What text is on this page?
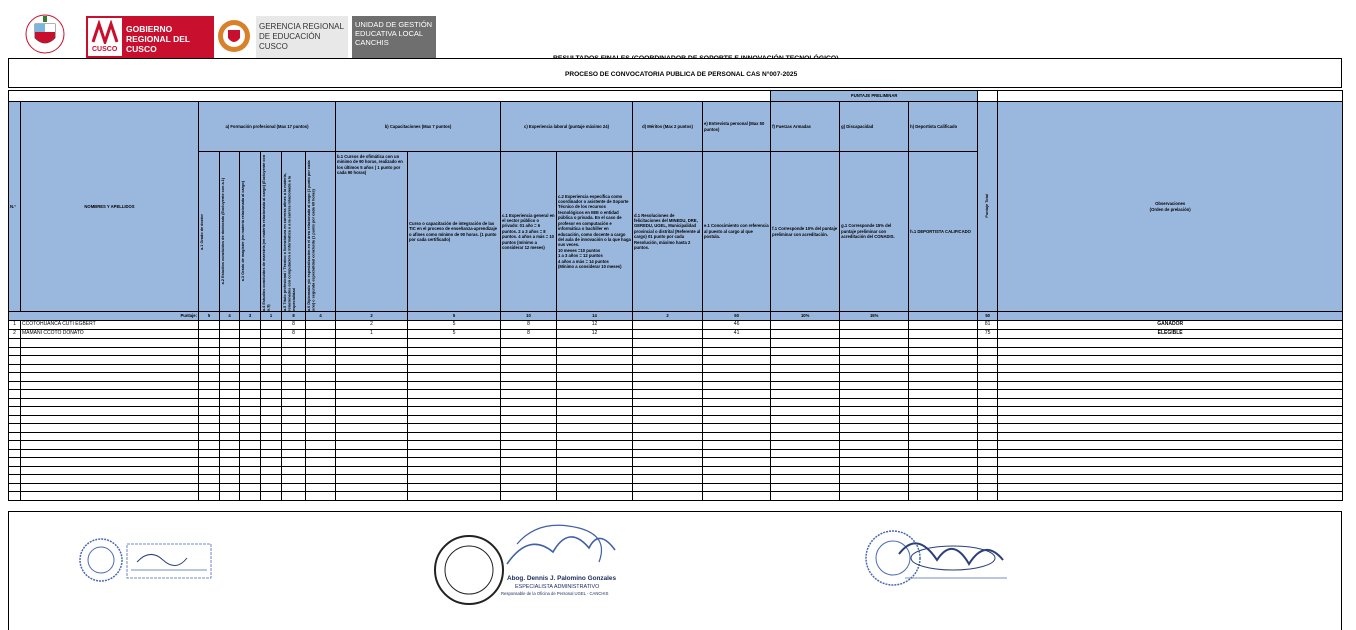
GOBIERNO REGIONAL DEL CUSCO
CUSCO
GERENCIA REGIONAL DE EDUCACIÓN CUSCO
UNIDAD DE GESTIÓN EDUCATIVA LOCAL CANCHIS
PROCESO DE CONVOCATORIA PUBLICA DE PERSONAL CAS N°007-2025
														PUNTAJE PRELIMINAR				
N.°	NOMBRES Y APELLIDOS	a) Formación profesional (Max 17 puntos)						b) Capacitaciones (Max 7 puntos)		c) Experiencia laboral (puntaje máximo 24)		d) Méritos (Max 2 puntos)	e) Entrevista personal (Max 50 puntos)	f) Fuerzas Armadas	g) Discapacidad	h) Deportista Calificado	Puntaje Total	Observaciones
(Orden de prelación)

		a.1 Grado de doctor	a.2 Estudios concluidos de doctorado (Excluyente con a.1)	a.3 Grado de magíster (en materia relacionada al cargo)	a.4 Estudios concluidos de maestría (en materia relacionada al cargo) (Excluyente con a.3)	a.5 Título profesional / Técnico o licenciatura en carreras afines a la materia, relacionados con computación o informática o a la carrera relacionada a la especialidad	a.6 Diplomado y/o especialización en el área relacionada al cargo (1 punto por cada uno) o segunda especialidad concluida (1 punto por cada 60 horas)	b.1 Cursos de ofimática con un mínimo de 90 horas, realizado en los últimos 5 años ( 1 punto por cada 90 horas)	Curso o capacitación de integración de las TIC en el proceso de enseñanza-aprendizaje o afines como mínimo de 90 horas. (1 punto por cada certificado)	c.1 Experiencia general en el sector público o privado: 01 año = 6 puntos. 2 a 3 años = 8 puntos. 4 años a más = 10 puntos (mínimo a considerar 12 meses)	c.2 Experiencia específica como coordinador o asistente de Soporte Técnico de los recursos tecnológicos en IIEE o entidad pública o privada. En el caso de profesor en computación e informática o bachiller en educación, como docente a cargo del aula de innovación o la que haga sus veces.
10 meses =10 puntos
1 a 3 años = 12 puntos
4 años a más = 14 puntos
(Mínimo a considerar 10 meses)	d.1 Resoluciones de felicitaciones del MINEDU, DRE, GEREDU, UGEL, Municipalidad provincial o distrital (Referente al cargo) 01 punto por cada Resolución, máximo hasta 2 puntos.	e.1 Conocimiento con referencia al puesto al cargo al que postula.	f.1 Corresponde 10% del puntaje preliminar con acreditación.	g.1 Corresponde 15% del puntaje preliminar con acreditación del CONADIS.	h.1 DEPORTISTA CALIFICADO		
Puntaje:		5	4	3	1	8	4	2	5	10	14	2	50	10%	15%		50	
1	CCOTOHUANCA CUTI EGBERT					8		2	5	8	12		46				81	GANADOR
2	MAMANI CCOTO DONATO					8		1	5	8	12		41				75	ELEGIBLE

Abog. Dennis J. Palomino Gonzales
ESPECIALISTA ADMINISTRATIVO
Responsable de la Oficina de Personal UGEL - CANCHIS
